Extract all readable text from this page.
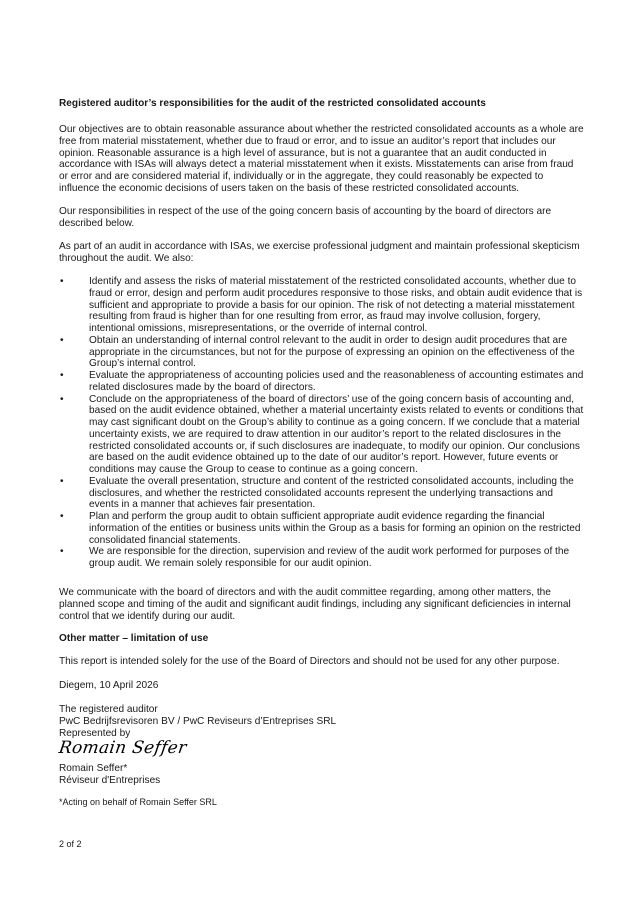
Registered auditor’s responsibilities for the audit of the restricted consolidated accounts

Our objectives are to obtain reasonable assurance about whether the restricted consolidated accounts as a whole are free from material misstatement, whether due to fraud or error, and to issue an auditor’s report that includes our opinion. Reasonable assurance is a high level of assurance, but is not a guarantee that an audit conducted in accordance with ISAs will always detect a material misstatement when it exists. Misstatements can arise from fraud or error and are considered material if, individually or in the aggregate, they could reasonably be expected to influence the economic decisions of users taken on the basis of these restricted consolidated accounts.

Our responsibilities in respect of the use of the going concern basis of accounting by the board of directors are described below.

As part of an audit in accordance with ISAs, we exercise professional judgment and maintain professional skepticism throughout the audit. We also:

•	Identify and assess the risks of material misstatement of the restricted consolidated accounts, whether due to fraud or error, design and perform audit procedures responsive to those risks, and obtain audit evidence that is sufficient and appropriate to provide a basis for our opinion. The risk of not detecting a material misstatement resulting from fraud is higher than for one resulting from error, as fraud may involve collusion, forgery, intentional omissions, misrepresentations, or the override of internal control.
•	Obtain an understanding of internal control relevant to the audit in order to design audit procedures that are appropriate in the circumstances, but not for the purpose of expressing an opinion on the effectiveness of the Group’s internal control.
•	Evaluate the appropriateness of accounting policies used and the reasonableness of accounting estimates and related disclosures made by the board of directors.
•	Conclude on the appropriateness of the board of directors’ use of the going concern basis of accounting and, based on the audit evidence obtained, whether a material uncertainty exists related to events or conditions that may cast significant doubt on the Group’s ability to continue as a going concern. If we conclude that a material uncertainty exists, we are required to draw attention in our auditor’s report to the related disclosures in the restricted consolidated accounts or, if such disclosures are inadequate, to modify our opinion. Our conclusions are based on the audit evidence obtained up to the date of our auditor’s report. However, future events or conditions may cause the Group to cease to continue as a going concern.
•	Evaluate the overall presentation, structure and content of the restricted consolidated accounts, including the disclosures, and whether the restricted consolidated accounts represent the underlying transactions and events in a manner that achieves fair presentation.
•	Plan and perform the group audit to obtain sufficient appropriate audit evidence regarding the financial information of the entities or business units within the Group as a basis for forming an opinion on the restricted consolidated financial statements.
•	We are responsible for the direction, supervision and review of the audit work performed for purposes of the group audit. We remain solely responsible for our audit opinion.

We communicate with the board of directors and with the audit committee regarding, among other matters, the planned scope and timing of the audit and significant audit findings, including any significant deficiencies in internal control that we identify during our audit.

Other matter – limitation of use

This report is intended solely for the use of the Board of Directors and should not be used for any other purpose.

Diegem, 10 April 2026

The registered auditor
PwC Bedrijfsrevisoren BV / PwC Reviseurs d’Entreprises SRL
Represented by
Romain Seffer
Romain Seffer*
Réviseur d'Entreprises

*Acting on behalf of Romain Seffer SRL

2 of 2
